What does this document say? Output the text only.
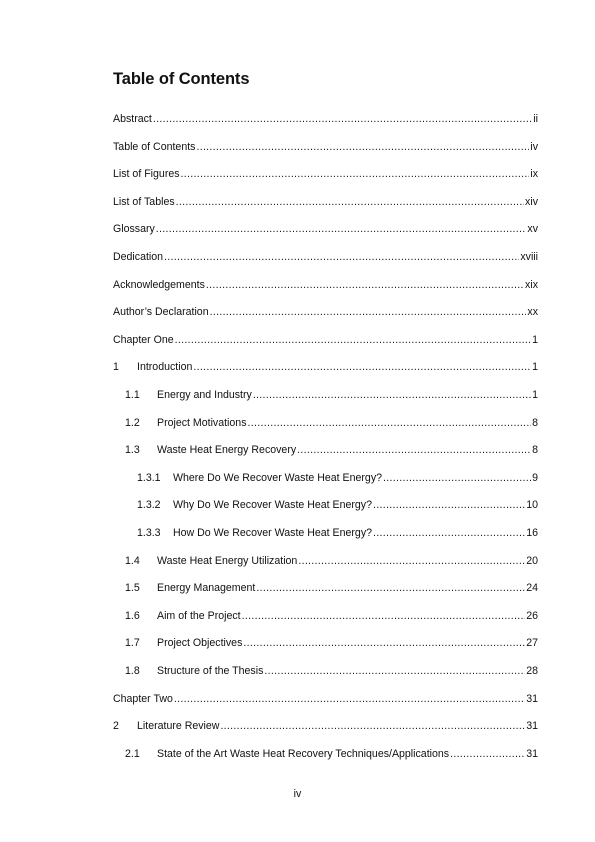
Table of Contents
Abstract .....	ii
Table of Contents .....	iv
List of Figures .....	ix
List of Tables .....	xiv
Glossary .....	xv
Dedication .....	xviii
Acknowledgements .....	xix
Author’s Declaration .....	xx
Chapter One .....	1
1	Introduction .....	1
1.1	Energy and Industry .....	1
1.2	Project Motivations .....	8
1.3	Waste Heat Energy Recovery .....	8
1.3.1	Where Do We Recover Waste Heat Energy? .....	9
1.3.2	Why Do We Recover Waste Heat Energy? .....	10
1.3.3	How Do We Recover Waste Heat Energy? .....	16
1.4	Waste Heat Energy Utilization .....	20
1.5	Energy Management .....	24
1.6	Aim of the Project .....	26
1.7	Project Objectives .....	27
1.8	Structure of the Thesis .....	28
Chapter Two .....	31
2	Literature Review .....	31
2.1	State of the Art Waste Heat Recovery Techniques/Applications .....	31
iv
